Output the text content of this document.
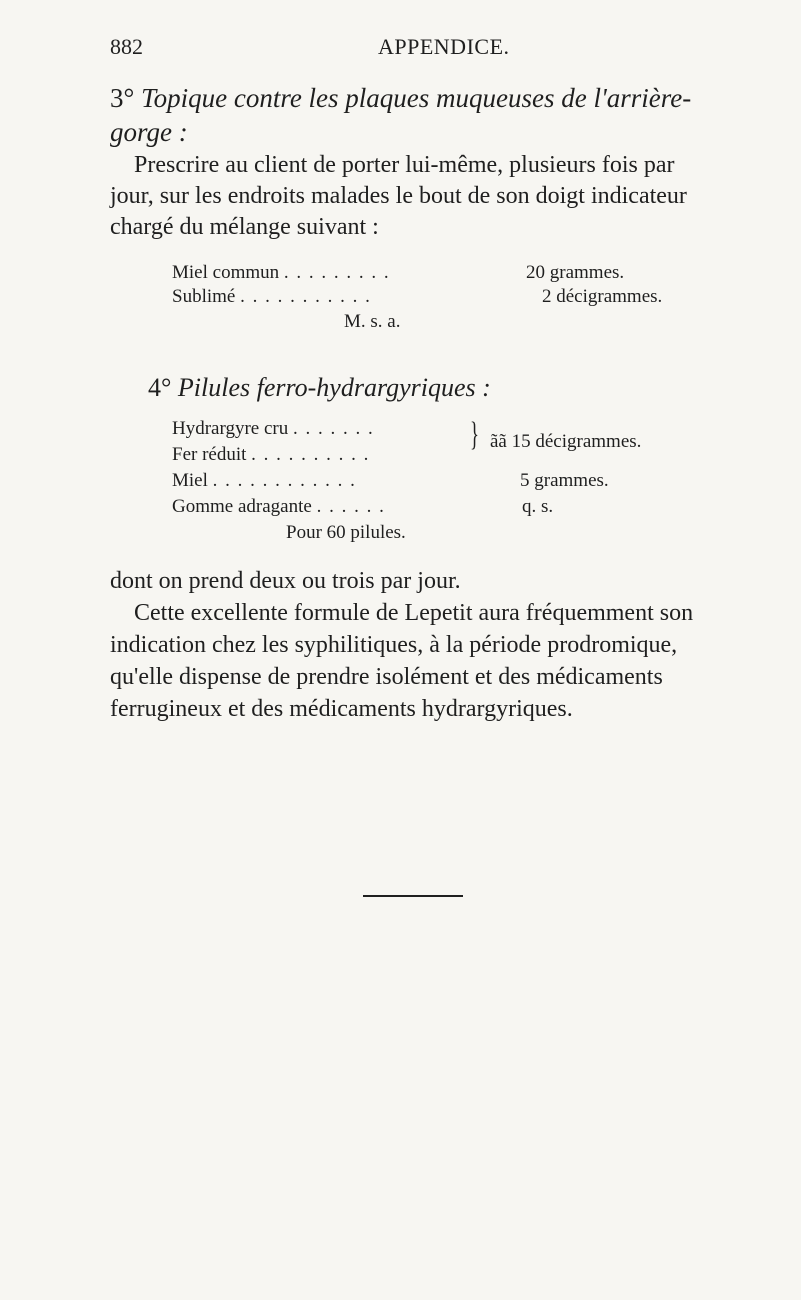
882	APPENDICE.
3° Topique contre les plaques muqueuses de l'arrière-
gorge :
Prescrire au client de porter lui-même, plusieurs fois par
jour, sur les endroits malades le bout de son doigt indicateur
chargé du mélange suivant :
Miel commun . . . . . . . . .	20 grammes.
Sublimé . . . . . . . . . . .	2 décigrammes.
M. s. a.
4° Pilules ferro-hydrargyriques :
Hydrargyre cru . . . . . . .
Fer réduit . . . . . . . . . .
} ãã 15 décigrammes.
Miel . . . . . . . . . . . .	5 grammes.
Gomme adragante . . . . . .	q. s.
Pour 60 pilules.
dont on prend deux ou trois par jour.
Cette excellente formule de Lepetit aura fréquemment son
indication chez les syphilitiques, à la période prodromique,
qu'elle dispense de prendre isolément et des médicaments
ferrugineux et des médicaments hydrargyriques.
